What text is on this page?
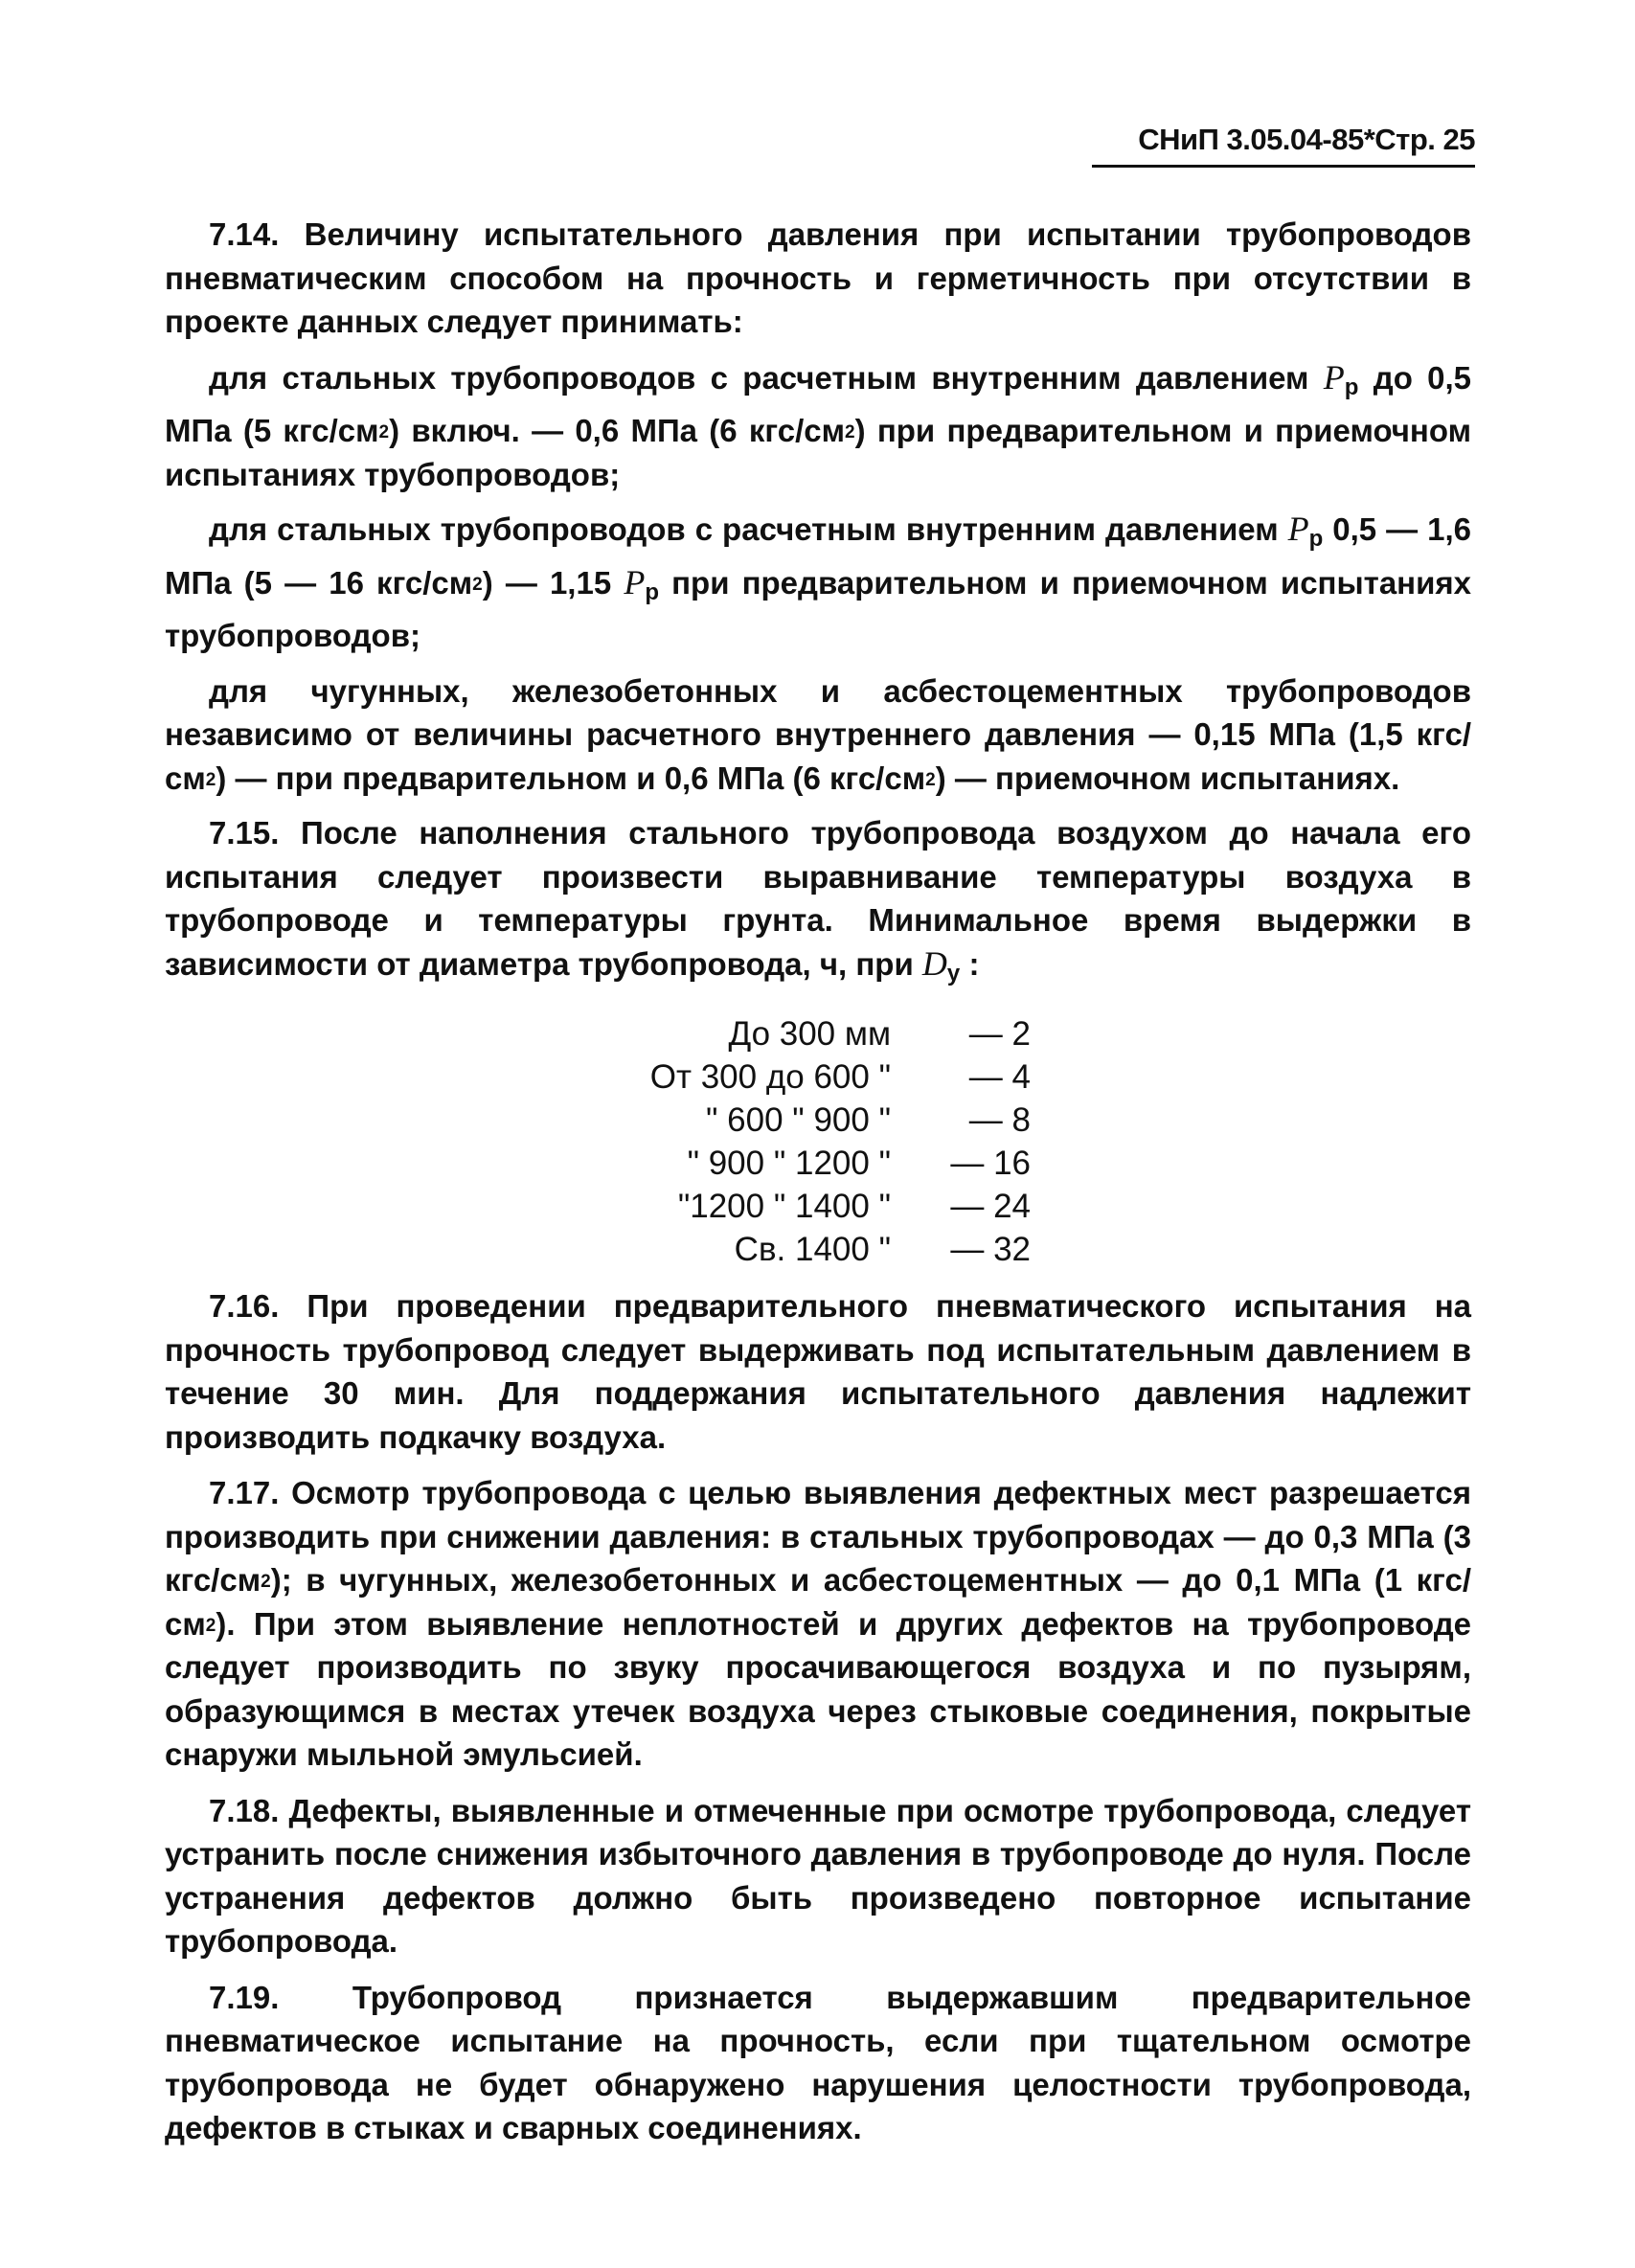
СНиП 3.05.04-85*Стр. 25

7.14. Величину испытательного давления при испытании трубопроводов пневматическим способом на прочность и герметичность при отсутствии в проекте данных следует принимать:

для стальных трубопроводов с расчетным внутренним давлением $P_р$ до 0,5 МПа (5 кгс/$см^2$) включ. — 0,6 МПа (6 кгс/$см^2$) при предварительном и приемочном испытаниях трубопроводов;

для стальных трубопроводов с расчетным внутренним давлением $P_р$ 0,5 — 1,6 МПа (5 — 16 кгс/$см^2$) — 1,15 $P_р$ при предварительном и приемочном испытаниях трубопроводов;

для чугунных, железобетонных и асбестоцементных трубопроводов независимо от величины расчетного внутреннего давления — 0,15 МПа (1,5 кгс/$см^2$) — при предварительном и 0,6 МПа (6 кгс/$см^2$) — приемочном испытаниях.

7.15. После наполнения стального трубопровода воздухом до начала его испытания следует произвести выравнивание температуры воздуха в трубопроводе и температуры грунта. Минимальное время выдержки в зависимости от диаметра трубопровода, ч, при $D_у$ :

До 300 мм	— 2
От 300 до 600 "	— 4
" 600 " 900 "	— 8
" 900 " 1200 "	— 16
"1200 " 1400 "	— 24
Св. 1400 "	— 32

7.16. При проведении предварительного пневматического испытания на прочность трубопровод следует выдерживать под испытательным давлением в течение 30 мин. Для поддержания испытательного давления надлежит производить подкачку воздуха.

7.17. Осмотр трубопровода с целью выявления дефектных мест разрешается производить при снижении давления: в стальных трубопроводах — до 0,3 МПа (3 кгс/$см^2$); в чугунных, железобетонных и асбестоцементных — до 0,1 МПа (1 кгс/$см^2$). При этом выявление неплотностей и других дефектов на трубопроводе следует производить по звуку просачивающегося воздуха и по пузырям, образующимся в местах утечек воздуха через стыковые соединения, покрытые снаружи мыльной эмульсией.

7.18. Дефекты, выявленные и отмеченные при осмотре трубопровода, следует устранить после снижения избыточного давления в трубопроводе до нуля. После устранения дефектов должно быть произведено повторное испытание трубопровода.

7.19. Трубопровод признается выдержавшим предварительное пневматическое испытание на прочность, если при тщательном осмотре трубопровода не будет обнаружено нарушения целостности трубопровода, дефектов в стыках и сварных соединениях.
